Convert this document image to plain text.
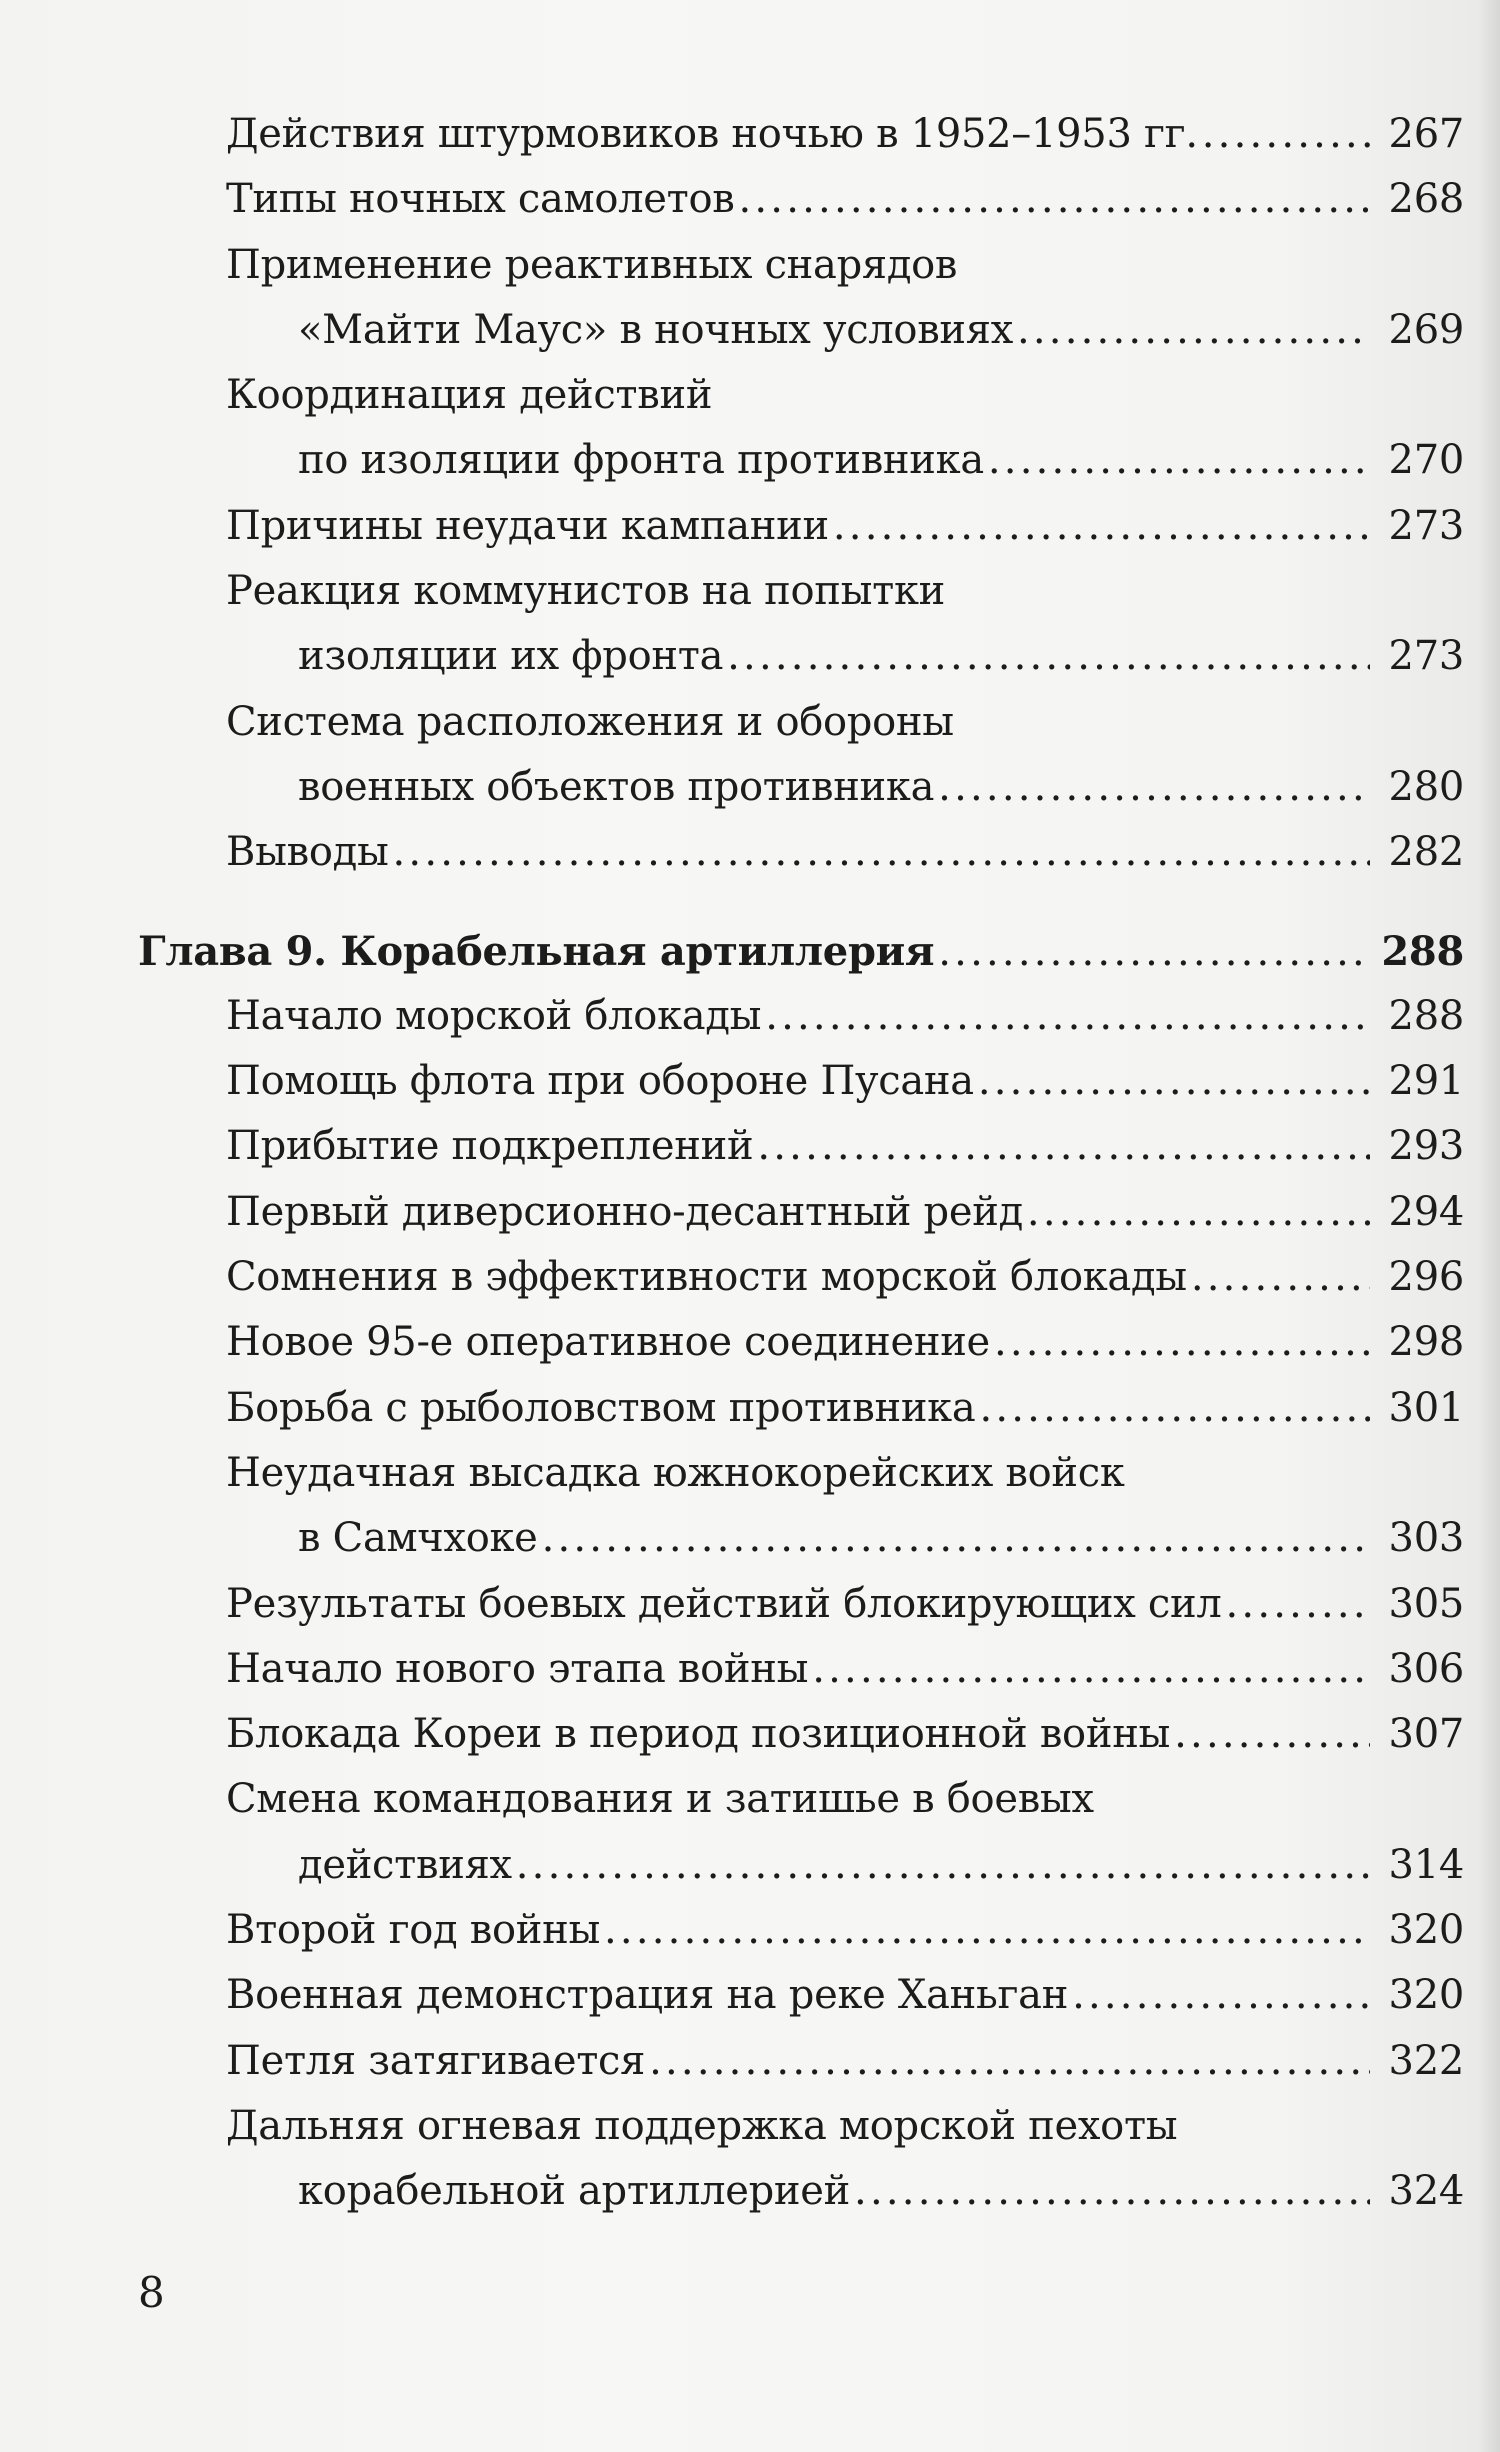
Действия штурмовиков ночью в 1952–1953 гг. .....	267
Типы ночных самолетов .....	268
Применение реактивных снарядов
«Майти Маус» в ночных условиях .....	269
Координация действий
по изоляции фронта противника .....	270
Причины неудачи кампании .....	273
Реакция коммунистов на попытки
изоляции их фронта .....	273
Система расположения и обороны
военных объектов противника .....	280
Выводы .....	282
Глава 9. Корабельная артиллерия .....	288
Начало морской блокады .....	288
Помощь флота при обороне Пусана .....	291
Прибытие подкреплений .....	293
Первый диверсионно-десантный рейд .....	294
Сомнения в эффективности морской блокады .....	296
Новое 95-е оперативное соединение .....	298
Борьба с рыболовством противника .....	301
Неудачная высадка южнокорейских войск
в Самчхоке .....	303
Результаты боевых действий блокирующих сил .....	305
Начало нового этапа войны .....	306
Блокада Кореи в период позиционной войны .....	307
Смена командования и затишье в боевых
действиях .....	314
Второй год войны .....	320
Военная демонстрация на реке Ханьган .....	320
Петля затягивается .....	322
Дальняя огневая поддержка морской пехоты
корабельной артиллерией .....	324
8
